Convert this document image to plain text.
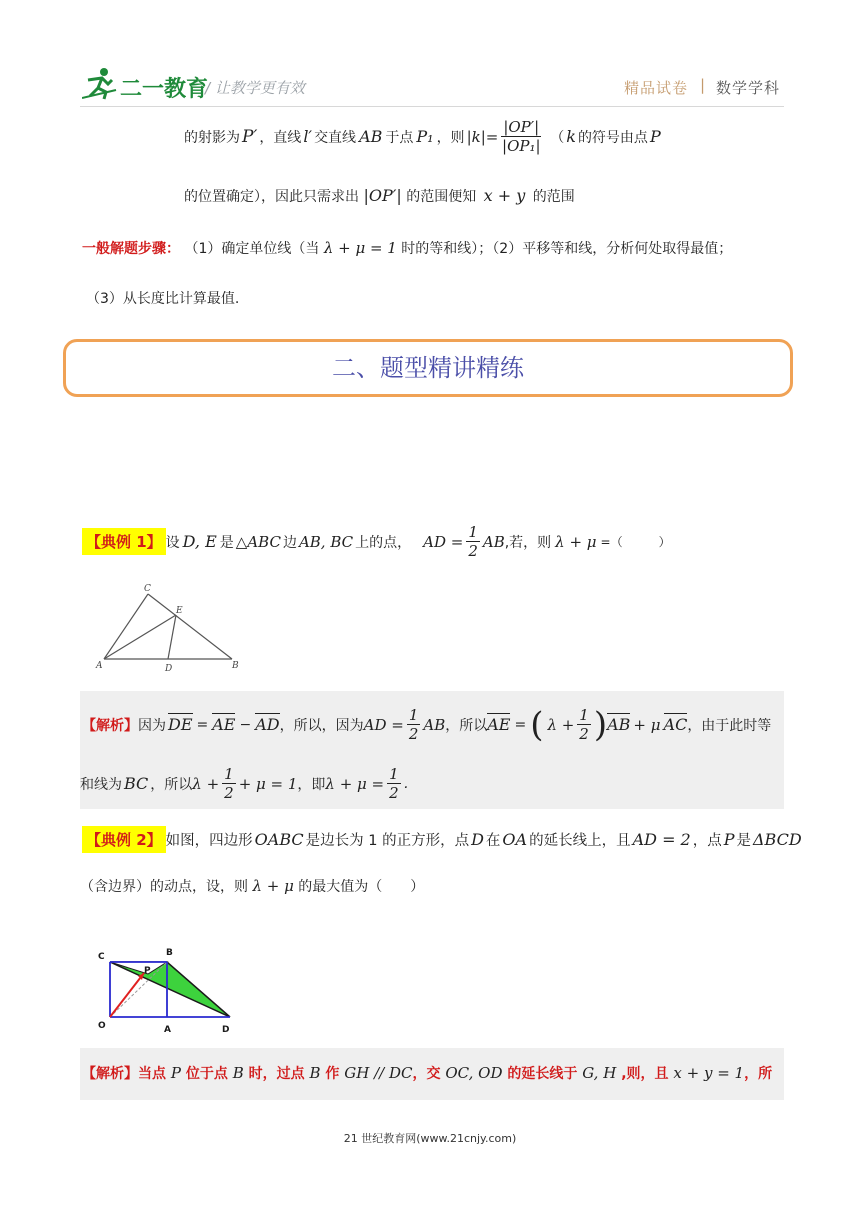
二一教育
/ 让教学更有效	精品试卷 | 数学学科
的射影为 P′ ，直线 l′ 交直线 AB 于点 P₁ ，则 $|k|= \frac{|OP'|}{\text{|OP₁|}}$ （ k 的符号由点 P
的位置确定），因此只需求出 |OP′| 的范围便知 x + y 的范围
一般解题步骤： （1）确定单位线（当 λ + μ = 1 时的等和线）；（2）平移等和线，分析何处取得最值；
（3）从长度比计算最值.
二、题型精讲精练
【典例 1】 设 D, E 是 △ABC 边 AB, BC 上的点， AD = $\frac{1}{2}$ AB ,若，则 λ + μ =（　　　）
A	B
C
D
E
【解析】 因为 DE = AE − AD ，所以，因为 AD = $\frac{1}{2}$ AB ，所以 AE = ( $\lambda + \frac{1}{2}$ ) AB + μ AC ，由于此时等
和线为 BC ，所以 $\lambda + \frac{1}{2} + \mu = 1$ ，即 $\lambda + \mu = \frac{1}{2}$ .
【典例 2】 如图，四边形 OABC 是边长为 1 的正方形，点 D 在 OA 的延长线上，且 AD = 2 ，点 P 是 ΔBCD
（含边界）的动点，设，则 λ + μ 的最大值为（　　）
C	B
P
O	A	D
【解析】当点 P 位于点 B 时，过点 B 作 GH // DC，交 OC, OD 的延长线于 G, H ,则，且 x + y = 1，所
21 世纪教育网(www.21cnjy.com)
